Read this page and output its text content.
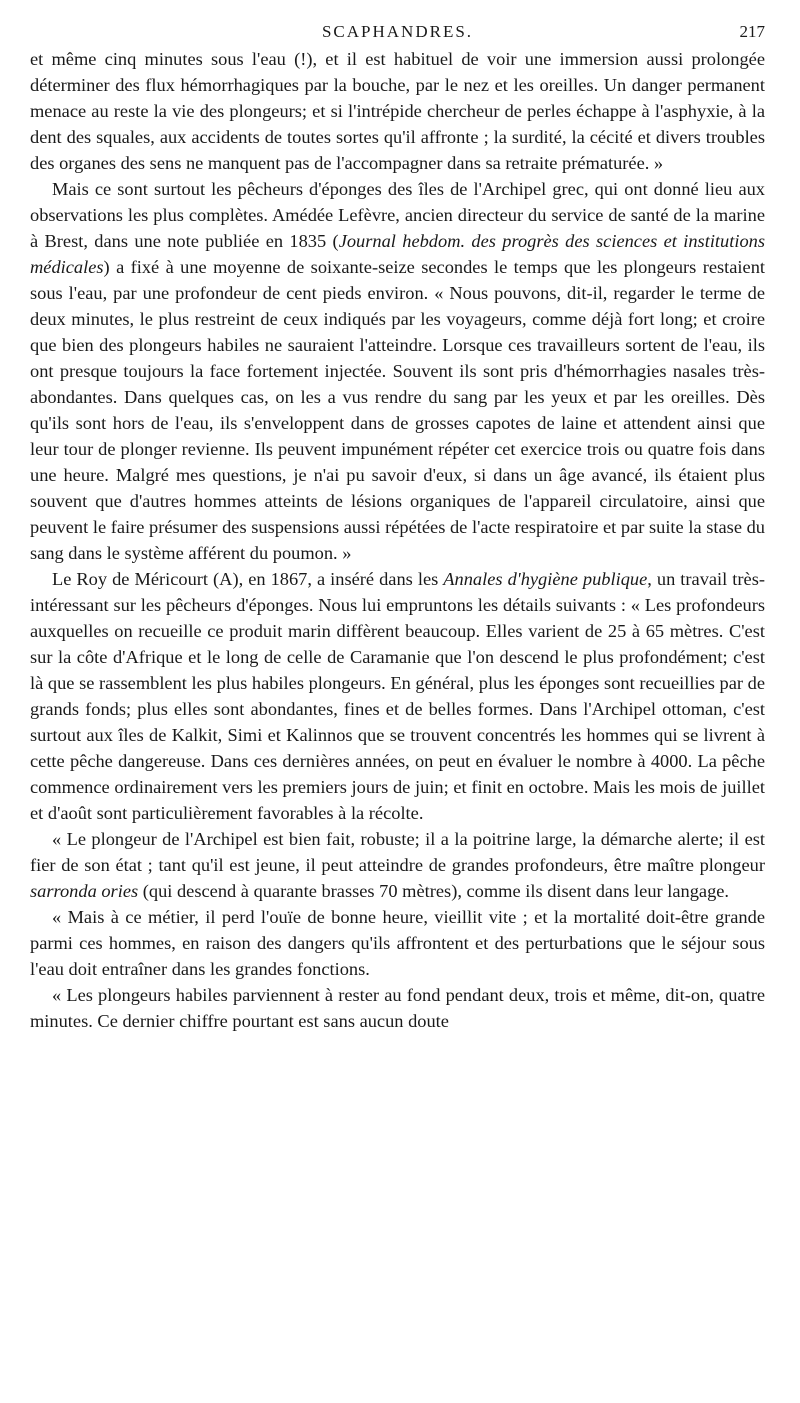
SCAPHANDRES.	217

et même cinq minutes sous l'eau (!), et il est habituel de voir une immersion aussi prolongée déterminer des flux hémorrhagiques par la bouche, par le nez et les oreilles. Un danger permanent menace au reste la vie des plongeurs; et si l'intrépide chercheur de perles échappe à l'asphyxie, à la dent des squales, aux accidents de toutes sortes qu'il affronte ; la surdité, la cécité et divers troubles des organes des sens ne manquent pas de l'accompagner dans sa retraite prématurée. »

Mais ce sont surtout les pêcheurs d'éponges des îles de l'Archipel grec, qui ont donné lieu aux observations les plus complètes. Amédée Lefèvre, ancien directeur du service de santé de la marine à Brest, dans une note publiée en 1835 (Journal hebdom. des progrès des sciences et institutions médicales) a fixé à une moyenne de soixante-seize secondes le temps que les plongeurs restaient sous l'eau, par une profondeur de cent pieds environ. « Nous pouvons, dit-il, regarder le terme de deux minutes, le plus restreint de ceux indiqués par les voyageurs, comme déjà fort long; et croire que bien des plongeurs habiles ne sauraient l'atteindre. Lorsque ces travailleurs sortent de l'eau, ils ont presque toujours la face fortement injectée. Souvent ils sont pris d'hémorrhagies nasales très-abondantes. Dans quelques cas, on les a vus rendre du sang par les yeux et par les oreilles. Dès qu'ils sont hors de l'eau, ils s'enveloppent dans de grosses capotes de laine et attendent ainsi que leur tour de plonger revienne. Ils peuvent impunément répéter cet exercice trois ou quatre fois dans une heure. Malgré mes questions, je n'ai pu savoir d'eux, si dans un âge avancé, ils étaient plus souvent que d'autres hommes atteints de lésions organiques de l'appareil circulatoire, ainsi que peuvent le faire présumer des suspensions aussi répétées de l'acte respiratoire et par suite la stase du sang dans le système afférent du poumon. »

Le Roy de Méricourt (A), en 1867, a inséré dans les Annales d'hygiène publique, un travail très-intéressant sur les pêcheurs d'éponges. Nous lui empruntons les détails suivants : « Les profondeurs auxquelles on recueille ce produit marin diffèrent beaucoup. Elles varient de 25 à 65 mètres. C'est sur la côte d'Afrique et le long de celle de Caramanie que l'on descend le plus profondément; c'est là que se rassemblent les plus habiles plongeurs. En général, plus les éponges sont recueillies par de grands fonds; plus elles sont abondantes, fines et de belles formes. Dans l'Archipel ottoman, c'est surtout aux îles de Kalkit, Simi et Kalinnos que se trouvent concentrés les hommes qui se livrent à cette pêche dangereuse. Dans ces dernières années, on peut en évaluer le nombre à 4000. La pêche commence ordinairement vers les premiers jours de juin; et finit en octobre. Mais les mois de juillet et d'août sont particulièrement favorables à la récolte.

« Le plongeur de l'Archipel est bien fait, robuste; il a la poitrine large, la démarche alerte; il est fier de son état ; tant qu'il est jeune, il peut atteindre de grandes profondeurs, être maître plongeur sarronda ories (qui descend à quarante brasses 70 mètres), comme ils disent dans leur langage.

« Mais à ce métier, il perd l'ouïe de bonne heure, vieillit vite ; et la mortalité doit-être grande parmi ces hommes, en raison des dangers qu'ils affrontent et des perturbations que le séjour sous l'eau doit entraîner dans les grandes fonctions.

« Les plongeurs habiles parviennent à rester au fond pendant deux, trois et même, dit-on, quatre minutes. Ce dernier chiffre pourtant est sans aucun doute
